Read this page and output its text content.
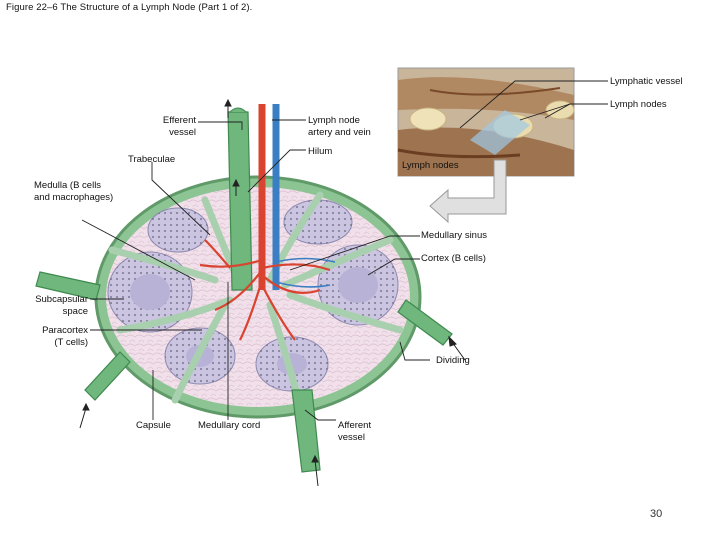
Figure 22–6 The Structure of a Lymph Node (Part 1 of 2).
Lymphatic vessel
Lymph nodes
Lymph nodes
Efferent
vessel
Lymph node
artery and vein
Hilum
Trabeculae
Medulla (B cells
and macrophages)
Medullary sinus
Cortex (B cells)
Subcapsular
space
Paracortex
(T cells)
Dividing
Capsule	Medullary cord	Afferent
vessel
30
